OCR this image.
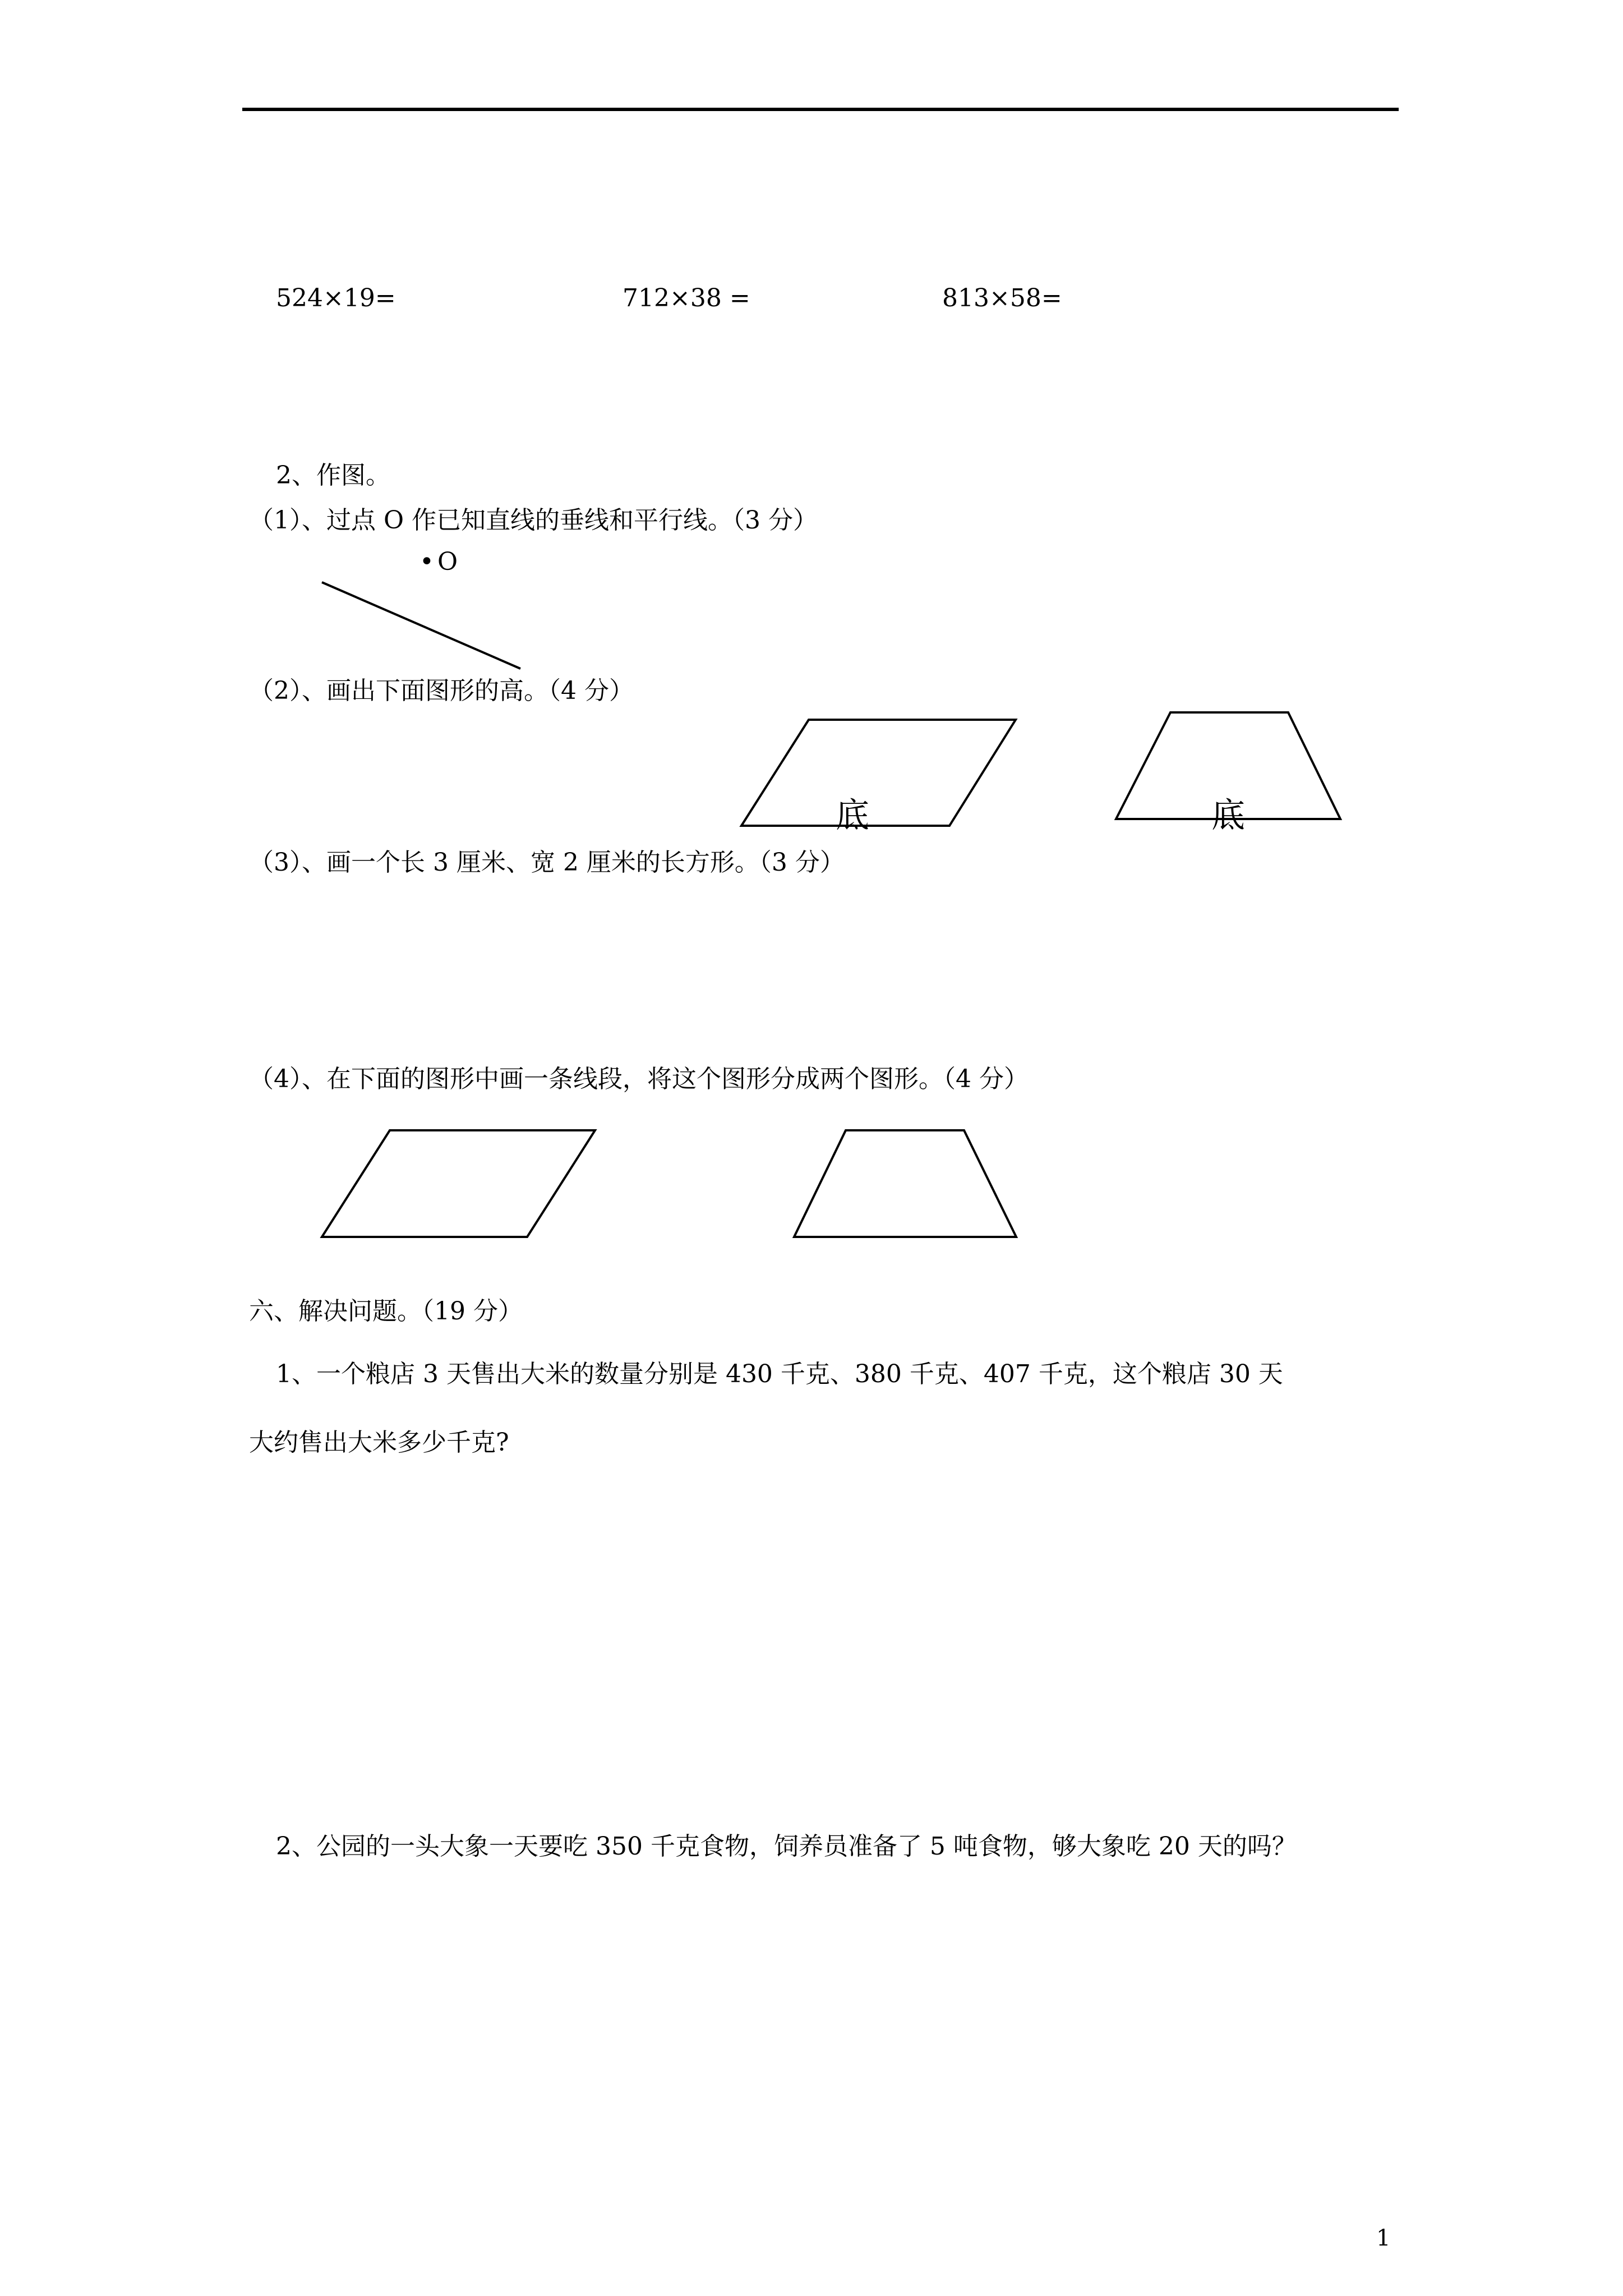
524×19=	712×38 =	813×58=
2、作图。
（1）、过点 O 作已知直线的垂线和平行线。（3 分）
• O
（2）、画出下面图形的高。（4 分）
底	底
（3）、画一个长 3 厘米、宽 2 厘米的长方形。（3 分）
（4）、在下面的图形中画一条线段，将这个图形分成两个图形。（4 分）
六、解决问题。（19 分）
1、一个粮店 3 天售出大米的数量分别是 430 千克、380 千克、407 千克，这个粮店 30 天
大约售出大米多少千克?
2、公园的一头大象一天要吃 350 千克食物，饲养员准备了 5 吨食物，够大象吃 20 天的吗？
1
